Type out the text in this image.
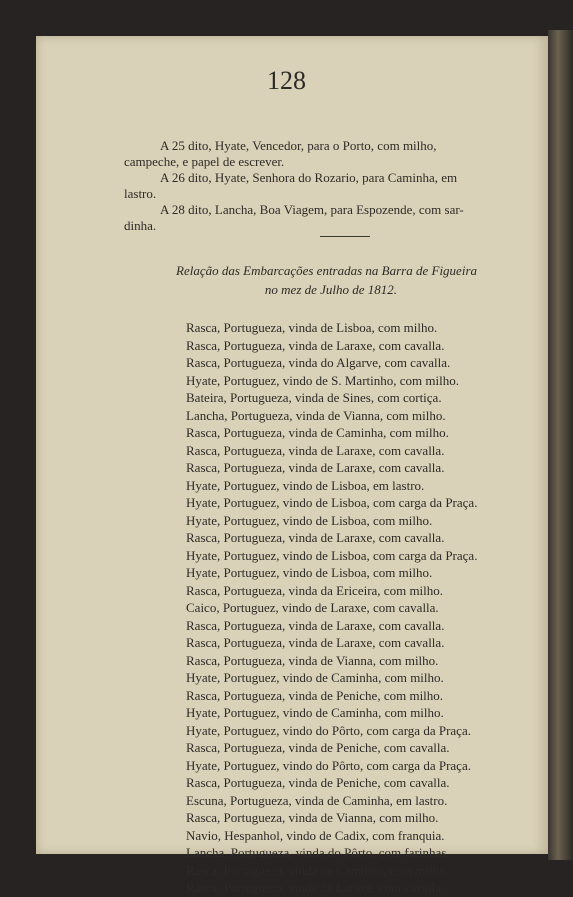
128
A 25 dito, Hyate, Vencedor, para o Porto, com milho,
campeche, e papel de escrever.
A 26 dito, Hyate, Senhora do Rozario, para Caminha, em
lastro.
A 28 dito, Lancha, Boa Viagem, para Espozende, com sar-
dinha.
Relação das Embarcações entradas na Barra de Figueira
no mez de Julho de 1812.
Rasca, Portugueza, vinda de Lisboa, com milho.
Rasca, Portugueza, vinda de Laraxe, com cavalla.
Rasca, Portugueza, vinda do Algarve, com cavalla.
Hyate, Portuguez, vindo de S. Martinho, com milho.
Bateira, Portugueza, vinda de Sines, com cortiça.
Lancha, Portugueza, vinda de Vianna, com milho.
Rasca, Portugueza, vinda de Caminha, com milho.
Rasca, Portugueza, vinda de Laraxe, com cavalla.
Rasca, Portugueza, vinda de Laraxe, com cavalla.
Hyate, Portuguez, vindo de Lisboa, em lastro.
Hyate, Portuguez, vindo de Lisboa, com carga da Praça.
Hyate, Portuguez, vindo de Lisboa, com milho.
Rasca, Portugueza, vinda de Laraxe, com cavalla.
Hyate, Portuguez, vindo de Lisboa, com carga da Praça.
Hyate, Portuguez, vindo de Lisboa, com milho.
Rasca, Portugueza, vinda da Ericeira, com milho.
Caico, Portuguez, vindo de Laraxe, com cavalla.
Rasca, Portugueza, vinda de Laraxe, com cavalla.
Rasca, Portugueza, vinda de Laraxe, com cavalla.
Rasca, Portugueza, vinda de Vianna, com milho.
Hyate, Portuguez, vindo de Caminha, com milho.
Rasca, Portugueza, vinda de Peniche, com milho.
Hyate, Portuguez, vindo de Caminha, com milho.
Hyate, Portuguez, vindo do Pôrto, com carga da Praça.
Rasca, Portugueza, vinda de Peniche, com cavalla.
Hyate, Portuguez, vindo do Pôrto, com carga da Praça.
Rasca, Portugueza, vinda de Peniche, com cavalla.
Escuna, Portugueza, vinda de Caminha, em lastro.
Rasca, Portugueza, vinda de Vianna, com milho.
Navio, Hespanhol, vindo de Cadix, com franquia.
Lancha, Portugueza, vinda do Pôrto, com farinhas.
Rasca, Portugueza, vinda de Caminha, com milho.
Rasca, Portugueza, vinda de Laraxe, com cavalla.
